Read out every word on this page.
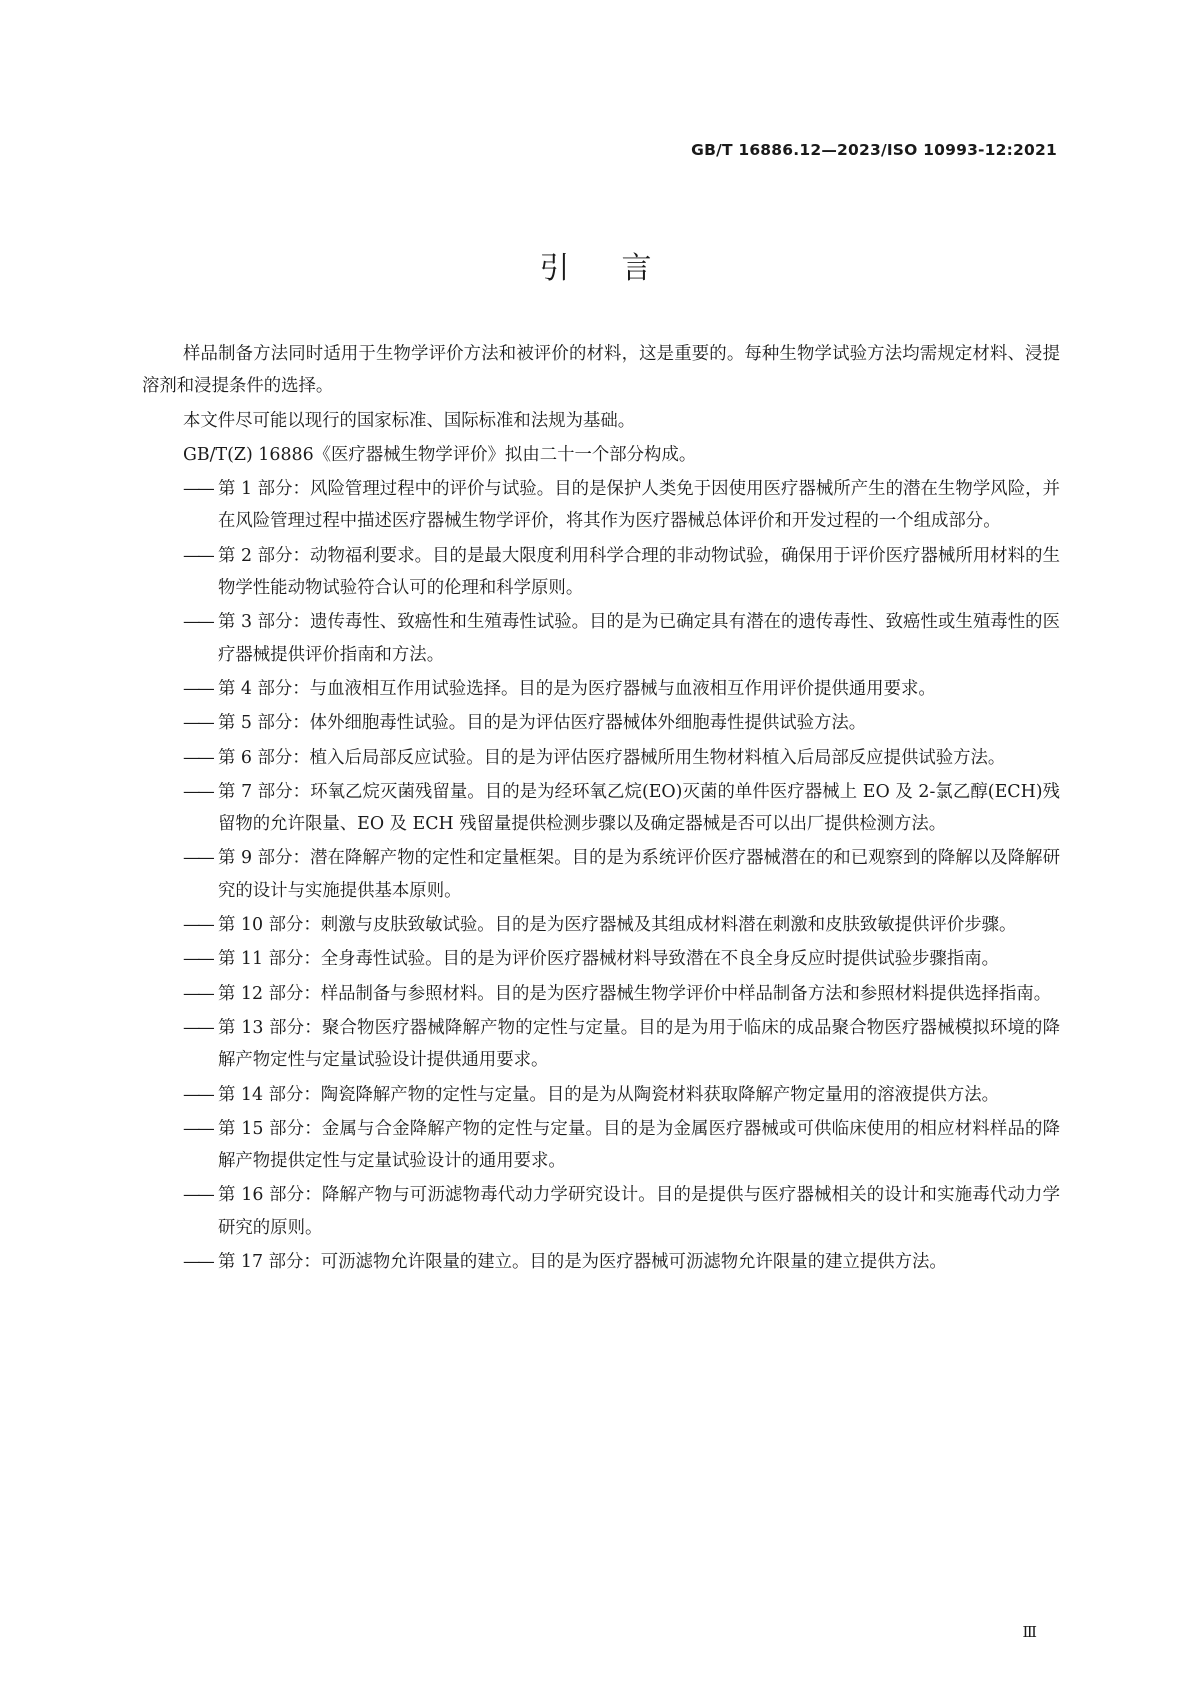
GB/T 16886.12—2023/ISO 10993-12:2021
引 言

样品制备方法同时适用于生物学评价方法和被评价的材料，这是重要的。每种生物学试验方法均需规定材料、浸提溶剂和浸提条件的选择。

本文件尽可能以现行的国家标准、国际标准和法规为基础。

GB/T(Z) 16886《医疗器械生物学评价》拟由二十一个部分构成。

—— 第 1 部分：风险管理过程中的评价与试验。目的是保护人类免于因使用医疗器械所产生的潜在生物学风险，并在风险管理过程中描述医疗器械生物学评价，将其作为医疗器械总体评价和开发过程的一个组成部分。
—— 第 2 部分：动物福利要求。目的是最大限度利用科学合理的非动物试验，确保用于评价医疗器械所用材料的生物学性能动物试验符合认可的伦理和科学原则。
—— 第 3 部分：遗传毒性、致癌性和生殖毒性试验。目的是为已确定具有潜在的遗传毒性、致癌性或生殖毒性的医疗器械提供评价指南和方法。
—— 第 4 部分：与血液相互作用试验选择。目的是为医疗器械与血液相互作用评价提供通用要求。
—— 第 5 部分：体外细胞毒性试验。目的是为评估医疗器械体外细胞毒性提供试验方法。
—— 第 6 部分：植入后局部反应试验。目的是为评估医疗器械所用生物材料植入后局部反应提供试验方法。
—— 第 7 部分：环氧乙烷灭菌残留量。目的是为经环氧乙烷(EO)灭菌的单件医疗器械上 EO 及 2-氯乙醇(ECH)残留物的允许限量、EO 及 ECH 残留量提供检测步骤以及确定器械是否可以出厂提供检测方法。
—— 第 9 部分：潜在降解产物的定性和定量框架。目的是为系统评价医疗器械潜在的和已观察到的降解以及降解研究的设计与实施提供基本原则。
—— 第 10 部分：刺激与皮肤致敏试验。目的是为医疗器械及其组成材料潜在刺激和皮肤致敏提供评价步骤。
—— 第 11 部分：全身毒性试验。目的是为评价医疗器械材料导致潜在不良全身反应时提供试验步骤指南。
—— 第 12 部分：样品制备与参照材料。目的是为医疗器械生物学评价中样品制备方法和参照材料提供选择指南。
—— 第 13 部分：聚合物医疗器械降解产物的定性与定量。目的是为用于临床的成品聚合物医疗器械模拟环境的降解产物定性与定量试验设计提供通用要求。
—— 第 14 部分：陶瓷降解产物的定性与定量。目的是为从陶瓷材料获取降解产物定量用的溶液提供方法。
—— 第 15 部分：金属与合金降解产物的定性与定量。目的是为金属医疗器械或可供临床使用的相应材料样品的降解产物提供定性与定量试验设计的通用要求。
—— 第 16 部分：降解产物与可沥滤物毒代动力学研究设计。目的是提供与医疗器械相关的设计和实施毒代动力学研究的原则。
—— 第 17 部分：可沥滤物允许限量的建立。目的是为医疗器械可沥滤物允许限量的建立提供方法。
Ⅲ
